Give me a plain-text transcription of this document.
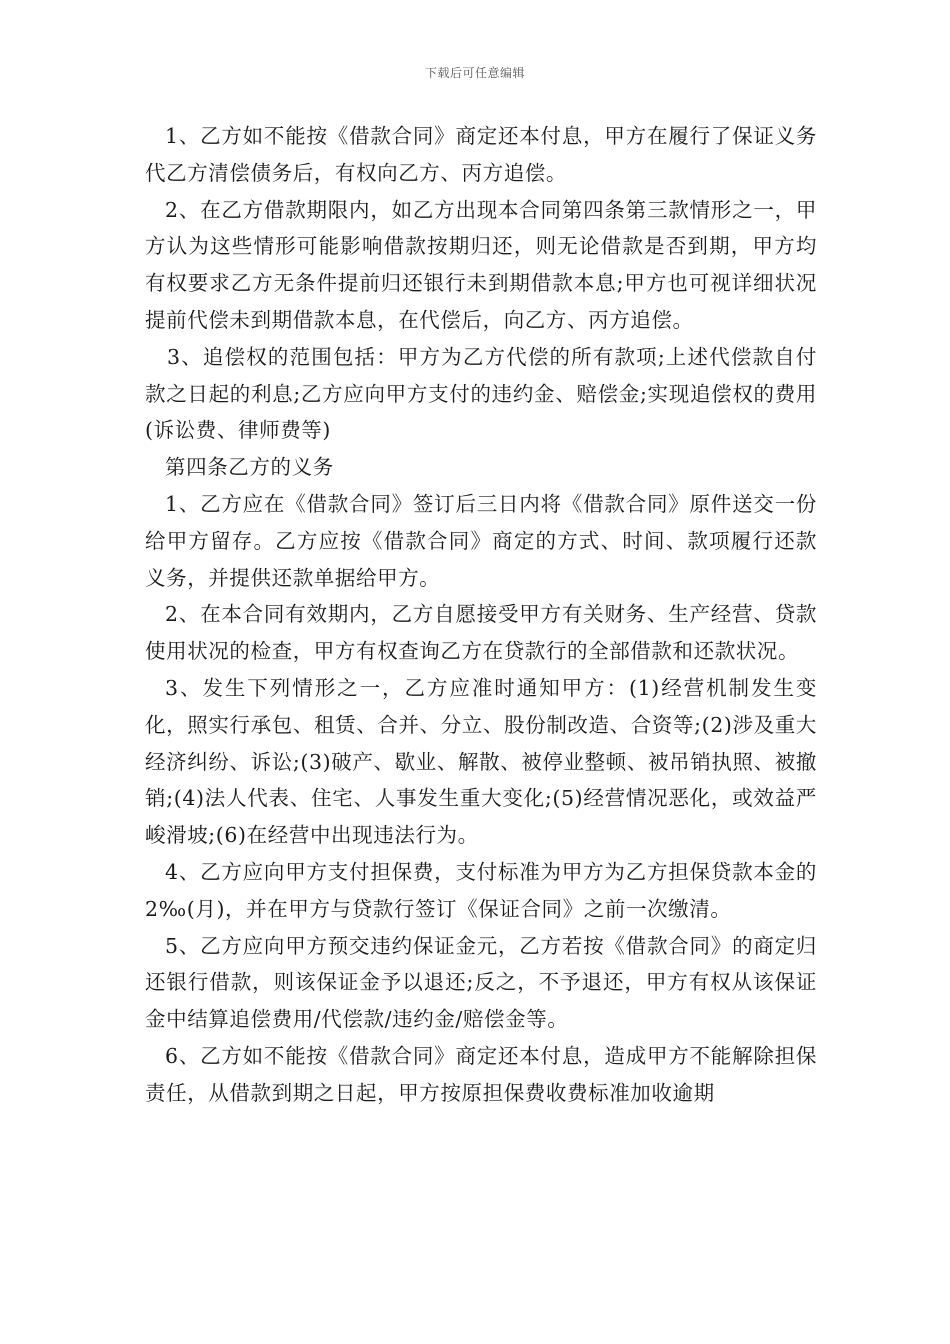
下载后可任意编辑

1、乙方如不能按《借款合同》商定还本付息，甲方在履行了保证义务代乙方清偿债务后，有权向乙方、丙方追偿。

2、在乙方借款期限内，如乙方出现本合同第四条第三款情形之一，甲方认为这些情形可能影响借款按期归还，则无论借款是否到期，甲方均有权要求乙方无条件提前归还银行未到期借款本息;甲方也可视详细状况提前代偿未到期借款本息，在代偿后，向乙方、丙方追偿。

3、追偿权的范围包括：甲方为乙方代偿的所有款项;上述代偿款自付款之日起的利息;乙方应向甲方支付的违约金、赔偿金;实现追偿权的费用(诉讼费、律师费等)

第四条乙方的义务

1、乙方应在《借款合同》签订后三日内将《借款合同》原件送交一份给甲方留存。乙方应按《借款合同》商定的方式、时间、款项履行还款义务，并提供还款单据给甲方。

2、在本合同有效期内，乙方自愿接受甲方有关财务、生产经营、贷款使用状况的检查，甲方有权查询乙方在贷款行的全部借款和还款状况。

3、发生下列情形之一，乙方应准时通知甲方：(1)经营机制发生变化，照实行承包、租赁、合并、分立、股份制改造、合资等;(2)涉及重大经济纠纷、诉讼;(3)破产、歇业、解散、被停业整顿、被吊销执照、被撤销;(4)法人代表、住宅、人事发生重大变化;(5)经营情况恶化，或效益严峻滑坡;(6)在经营中出现违法行为。

4、乙方应向甲方支付担保费，支付标准为甲方为乙方担保贷款本金的2‰(月)，并在甲方与贷款行签订《保证合同》之前一次缴清。

5、乙方应向甲方预交违约保证金元，乙方若按《借款合同》的商定归还银行借款，则该保证金予以退还;反之，不予退还，甲方有权从该保证金中结算追偿费用/代偿款/违约金/赔偿金等。

6、乙方如不能按《借款合同》商定还本付息，造成甲方不能解除担保责任，从借款到期之日起，甲方按原担保费收费标准加收逾期
